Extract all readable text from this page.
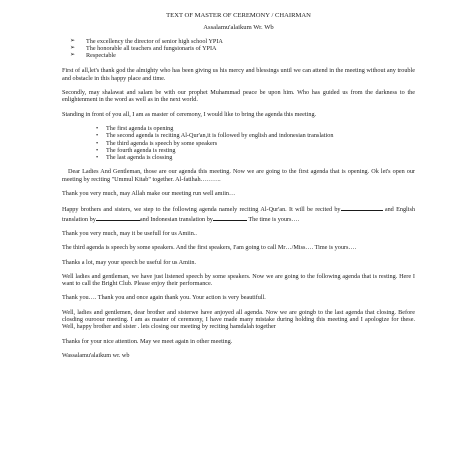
TEXT OF MASTER OF CEREMONY / CHAIRMAN
Assalamu'alaikum Wr. Wb
➢ The excellency the director of senior high school YPIA
➢ The honorable all teachers and fungsionaris of YPIA
➢ Respectable

First of all,let's thank god the almighty who has been giving us his mercy and blessings until we can attend in the meeting without any trouble and obstacle in this happy place and time.

Secondly, may shalawat and salam be with our prophet Muhammad peace be upon him. Who has guided us from the darkness to the enlightenment in the word as well as in the next world.

Standing in front of you all, I am as master of ceremony, I would like to bring the agenda this meeting.

• The first agenda is opening
• The second agenda is reciting Al-Qur'an,it is followed by english and indonesian translation
• The third agenda is speech by some speakers
• The fourth agenda is resting
• The last agenda is clossing

Dear Ladies And Gentleman, those are our agenda this meeting. Now we are going to the first agenda that is opening. Ok let's open our meeting by reciting "Ummul Kitab" together. Al-fatihah……….

Thank you very much, may Allah make our meeting run well amiin…

Happy brothers and sisters, we step to the following agenda namely reciting Al-Qur'an. It will be recited by	and English translation by	and Indonesian translation by	The time is yours….

Thank you very much, may it be usefull for us Amiin..

The third agenda is speech by some speakers. And the first speakers, I'am going to call Mr…/Miss…. Time is yours….

Thanks a lot, may your speech be useful for us Amiin.

Well ladies and gentleman, we have just listened speech by some speakers. Now we are going to the following agenda that is resting. Here I want to call the Bright Club. Please enjoy their performance.

Thank you…. Thank you and once again thank you. Your action is very beautifull.

Well, ladies and gentlemen, dear brother and sisterwe have anjoyed all agenda. Now we are goingb to the last agenda that closing. Before closding ouroour meeting. I am as master of ceremony, I have made many mistake during holding this meeting and I apologize for these. Well, happy brother and sister . lets closing our meeting by reciting hamdalah together

Thanks for your nice attention. May we meet again in other meeting.

Wassalamu'alaikum wr. wb
